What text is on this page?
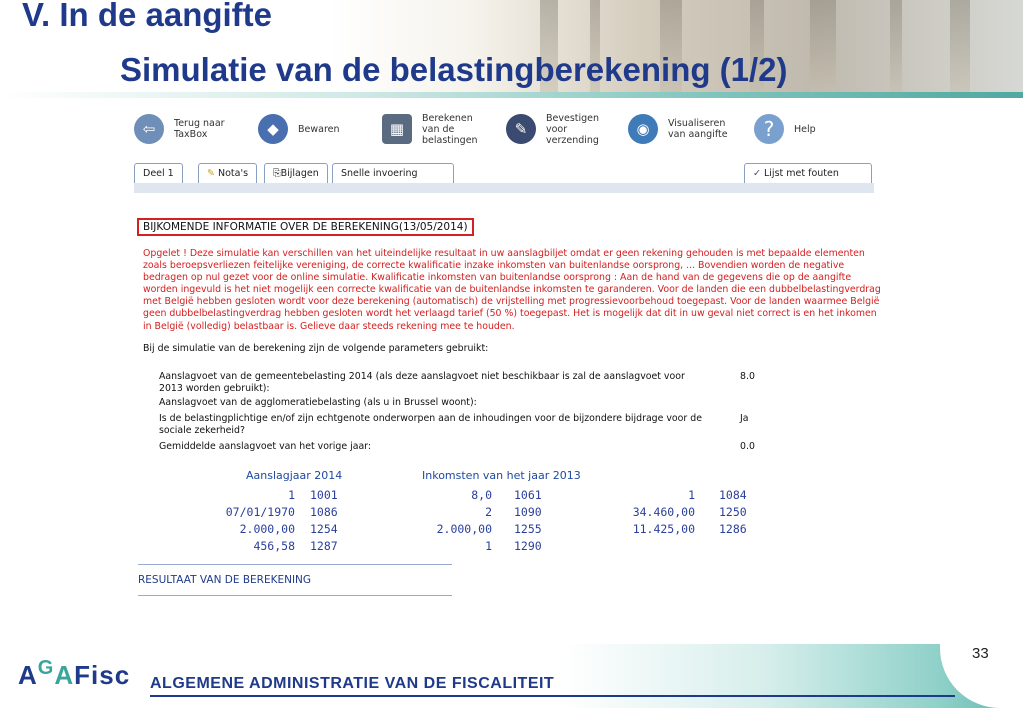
V. In de aangifte
Simulatie van de belastingberekening (1/2)
⇦	Terug naar
TaxBox	◆	Bewaren	▦
Berekenen
van de
belastingen
✎
Bevestigen
voor
verzending
◉	Visualiseren
van aangifte	?	Help
Deel 1	✎ Nota's	⎘Bijlagen	Snelle invoering	✓ Lijst met fouten
BIJKOMENDE INFORMATIE OVER DE BEREKENING(13/05/2014)
Opgelet ! Deze simulatie kan verschillen van het uiteindelijke resultaat in uw aanslagbiljet omdat er geen rekening gehouden is met bepaalde elementen zoals beroepsverliezen feitelijke vereniging, de correcte kwalificatie inzake inkomsten van buitenlandse oorsprong, ... Bovendien worden de negative bedragen op nul gezet voor de online simulatie. Kwalificatie inkomsten van buitenlandse oorsprong : Aan de hand van de gegevens die op de aangifte worden ingevuld is het niet mogelijk een correcte kwalificatie van de buitenlandse inkomsten te garanderen. Voor de landen die een dubbelbelastingverdrag met België hebben gesloten wordt voor deze berekening (automatisch) de vrijstelling met progressievoorbehoud toegepast. Voor de landen waarmee België geen dubbelbelastingverdrag hebben gesloten wordt het verlaagd tarief (50 %) toegepast. Het is mogelijk dat dit in uw geval niet correct is en het inkomen in België (volledig) belastbaar is. Gelieve daar steeds rekening mee te houden.
Bij de simulatie van de berekening zijn de volgende parameters gebruikt:
Aanslagvoet van de gemeentebelasting 2014 (als deze aanslagvoet niet beschikbaar is zal de aanslagvoet voor 2013 worden gebruikt):
8.0
Aanslagvoet van de agglomeratiebelasting (als u in Brussel woont):
Is de belastingplichtige en/of zijn echtgenote onderworpen aan de inhoudingen voor de bijzondere bijdrage voor de sociale zekerheid?
Ja
Gemiddelde aanslagvoet van het vorige jaar:	0.0
Aanslagjaar 2014	Inkomsten van het jaar 2013
1 1001	8,0 1061	1 1084
07/01/1970 1086	2 1090	34.460,00 1250
2.000,00 1254	2.000,00 1255	11.425,00 1286
456,58 1287	1 1290
RESULTAAT VAN DE BEREKENING
33
$A^GAFisc$ ALGEMENE ADMINISTRATIE VAN DE FISCALITEIT
